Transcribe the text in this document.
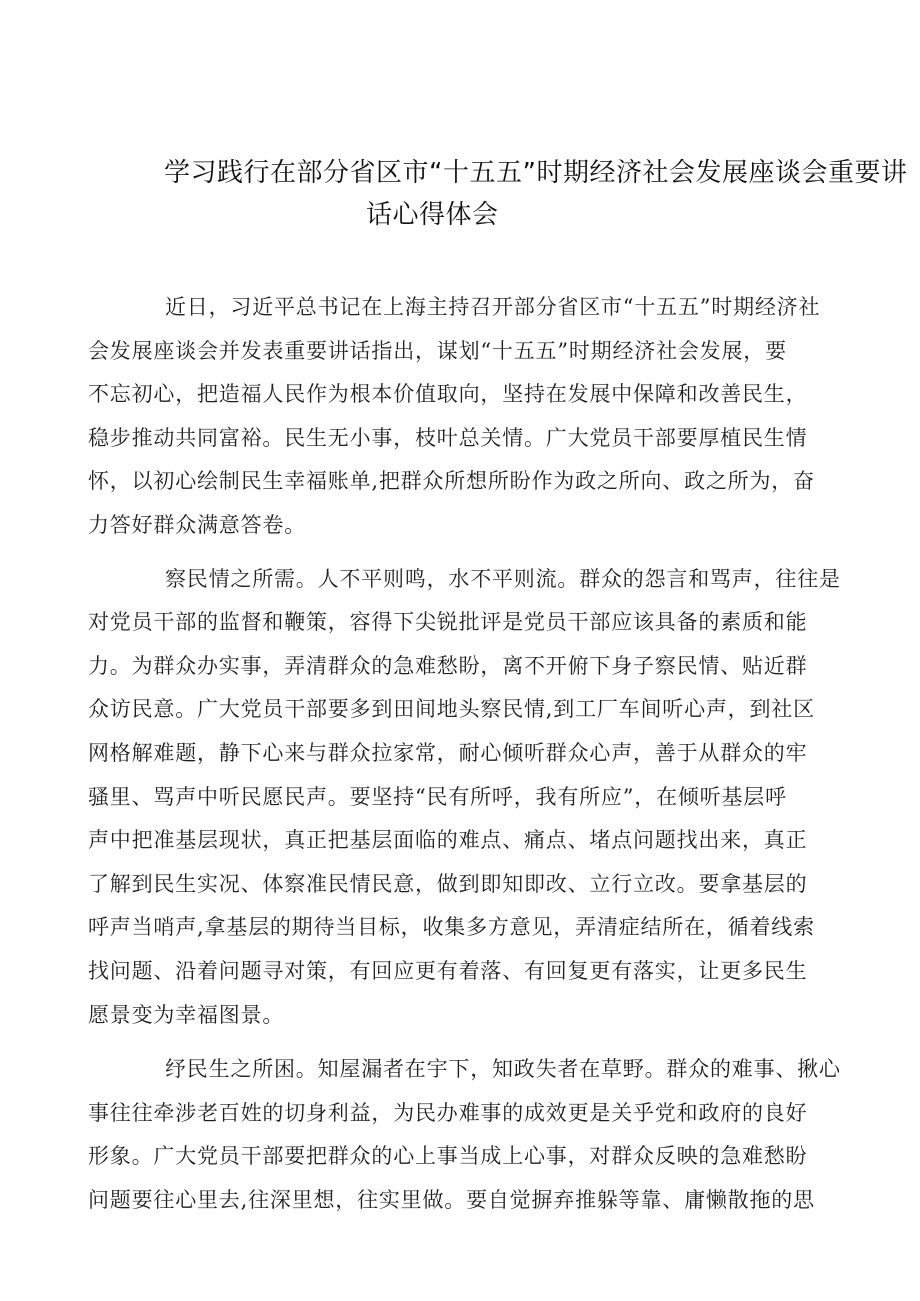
学习践行在部分省区市“十五五”时期经济社会发展座谈会重要讲
话心得体会
近日，习近平总书记在上海主持召开部分省区市“十五五”时期经济社
会发展座谈会并发表重要讲话指出，谋划“十五五”时期经济社会发展，要
不忘初心，把造福人民作为根本价值取向，坚持在发展中保障和改善民生，
稳步推动共同富裕。民生无小事，枝叶总关情。广大党员干部要厚植民生情
怀，以初心绘制民生幸福账单,把群众所想所盼作为政之所向、政之所为，奋
力答好群众满意答卷。
察民情之所需。人不平则鸣，水不平则流。群众的怨言和骂声，往往是
对党员干部的监督和鞭策，容得下尖锐批评是党员干部应该具备的素质和能
力。为群众办实事，弄清群众的急难愁盼，离不开俯下身子察民情、贴近群
众访民意。广大党员干部要多到田间地头察民情,到工厂车间听心声，到社区
网格解难题，静下心来与群众拉家常，耐心倾听群众心声，善于从群众的牢
骚里、骂声中听民愿民声。要坚持“民有所呼，我有所应”，在倾听基层呼
声中把准基层现状，真正把基层面临的难点、痛点、堵点问题找出来，真正
了解到民生实况、体察准民情民意，做到即知即改、立行立改。要拿基层的
呼声当哨声,拿基层的期待当目标，收集多方意见，弄清症结所在，循着线索
找问题、沿着问题寻对策，有回应更有着落、有回复更有落实，让更多民生
愿景变为幸福图景。
纾民生之所困。知屋漏者在宇下，知政失者在草野。群众的难事、揪心
事往往牵涉老百姓的切身利益，为民办难事的成效更是关乎党和政府的良好
形象。广大党员干部要把群众的心上事当成上心事，对群众反映的急难愁盼
问题要往心里去,往深里想，往实里做。要自觉摒弃推躲等靠、庸懒散拖的思
